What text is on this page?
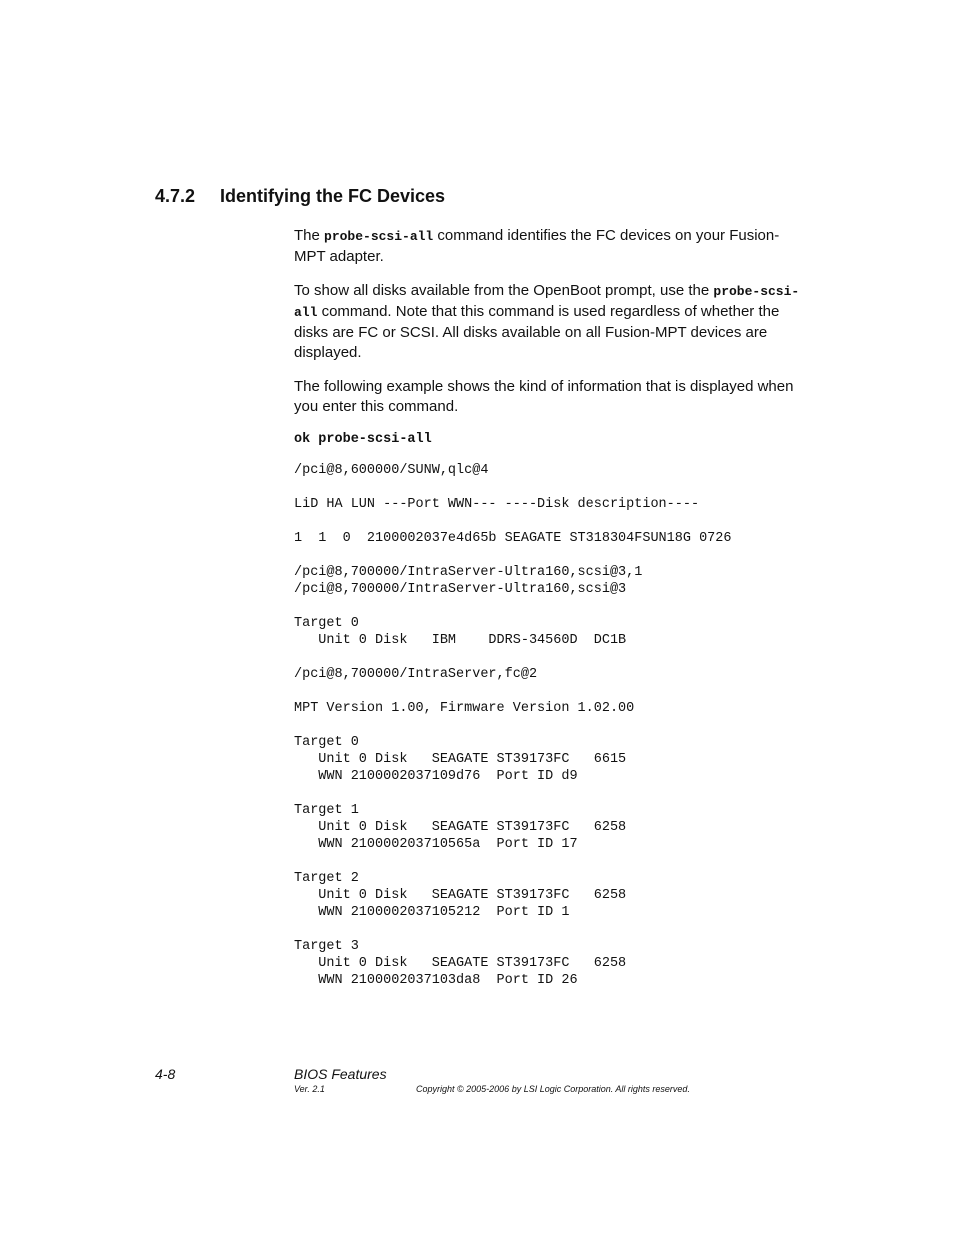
4.7.2 Identifying the FC Devices

The probe-scsi-all command identifies the FC devices on your Fusion-MPT adapter.

To show all disks available from the OpenBoot prompt, use the probe-scsi-all command. Note that this command is used regardless of whether the disks are FC or SCSI. All disks available on all Fusion-MPT devices are displayed.

The following example shows the kind of information that is displayed when you enter this command.

ok probe-scsi-all
/pci@8,600000/SUNW,qlc@4
LiD HA LUN ---Port WWN--- ----Disk description----
1  1  0  2100002037e4d65b SEAGATE ST318304FSUN18G 0726
/pci@8,700000/IntraServer-Ultra160,scsi@3,1
/pci@8,700000/IntraServer-Ultra160,scsi@3
Target 0
Unit 0 Disk   IBM    DDRS-34560D  DC1B
/pci@8,700000/IntraServer,fc@2
MPT Version 1.00, Firmware Version 1.02.00
Target 0
Unit 0 Disk   SEAGATE ST39173FC   6615
WWN 2100002037109d76  Port ID d9
Target 1
Unit 0 Disk   SEAGATE ST39173FC   6258
WWN 210000203710565a  Port ID 17
Target 2
Unit 0 Disk   SEAGATE ST39173FC   6258
WWN 2100002037105212  Port ID 1
Target 3
Unit 0 Disk   SEAGATE ST39173FC   6258
WWN 2100002037103da8  Port ID 26
4-8	BIOS Features
Ver. 2.1	Copyright © 2005-2006 by LSI Logic Corporation. All rights reserved.
